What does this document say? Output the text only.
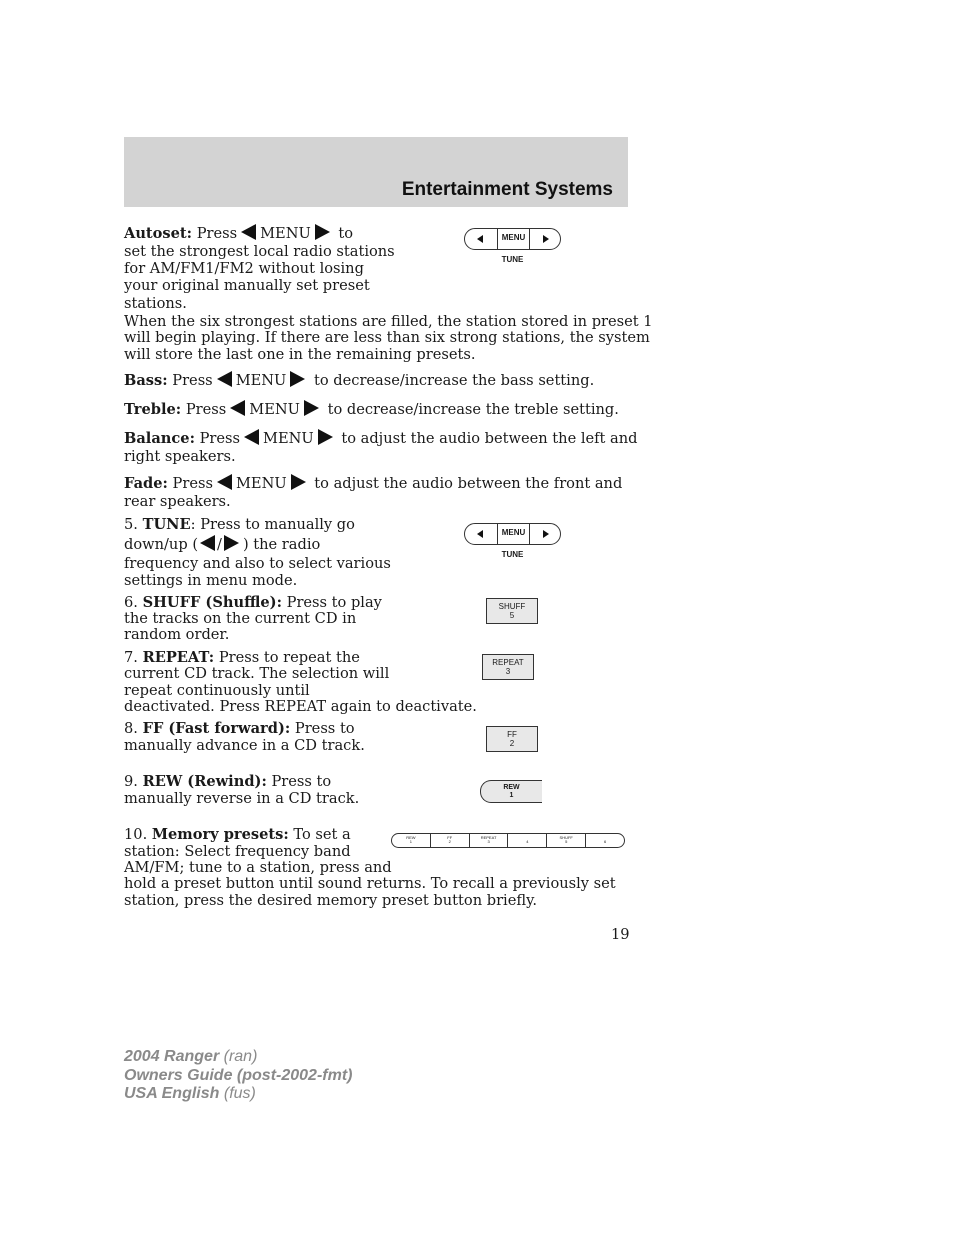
Entertainment Systems
Autoset: Press MENU to
set the strongest local radio stations
for AM/FM1/FM2 without losing
your original manually set preset
stations.
When the six strongest stations are filled, the station stored in preset 1
will begin playing. If there are less than six strong stations, the system
will store the last one in the remaining presets.
MENU
TUNE
Bass: Press MENU to decrease/increase the bass setting.
Treble: Press MENU to decrease/increase the treble setting.
Balance: Press MENU to adjust the audio between the left and
right speakers.
Fade: Press MENU to adjust the audio between the front and
rear speakers.
5. TUNE: Press to manually go
down/up ( / ) the radio
frequency and also to select various
settings in menu mode.
MENU
TUNE
6. SHUFF (Shuffle): Press to play
the tracks on the current CD in
random order.
SHUFF
5
7. REPEAT: Press to repeat the
current CD track. The selection will
repeat continuously until
deactivated. Press REPEAT again to deactivate.
REPEAT
3
8. FF (Fast forward): Press to
manually advance in a CD track.
FF
2
9. REW (Rewind): Press to
manually reverse in a CD track.
REW
1
10. Memory presets: To set a
station: Select frequency band
AM/FM; tune to a station, press and
hold a preset button until sound returns. To recall a previously set
station, press the desired memory preset button briefly.
REW
1
FF
2
REPEAT
3
	4
SHUFF
5
	6
19
2004 Ranger (ran)
Owners Guide (post-2002-fmt)
USA English (fus)
